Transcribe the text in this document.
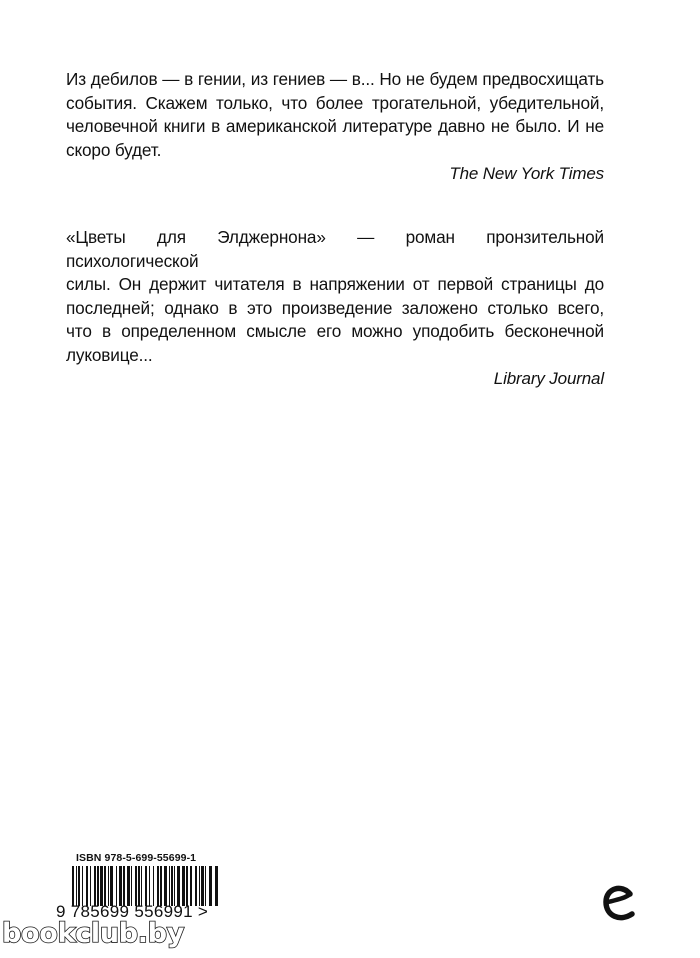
Из дебилов — в гении, из гениев — в... Но не будем предвосхищать

события. Скажем только, что более трогательной, убедительной,

человечной книги в американской литературе давно не было. И не

скоро будет.

The New York Times

«Цветы для Элджернона» — роман пронзительной психологической

силы. Он держит читателя в напряжении от первой страницы до

последней; однако в это произведение заложено столько всего,

что в определенном смысле его можно уподобить бесконечной

луковице...

Library Journal

ISBN 978-5-699-55699-1
9 785699 556991 >
bookclub.by
